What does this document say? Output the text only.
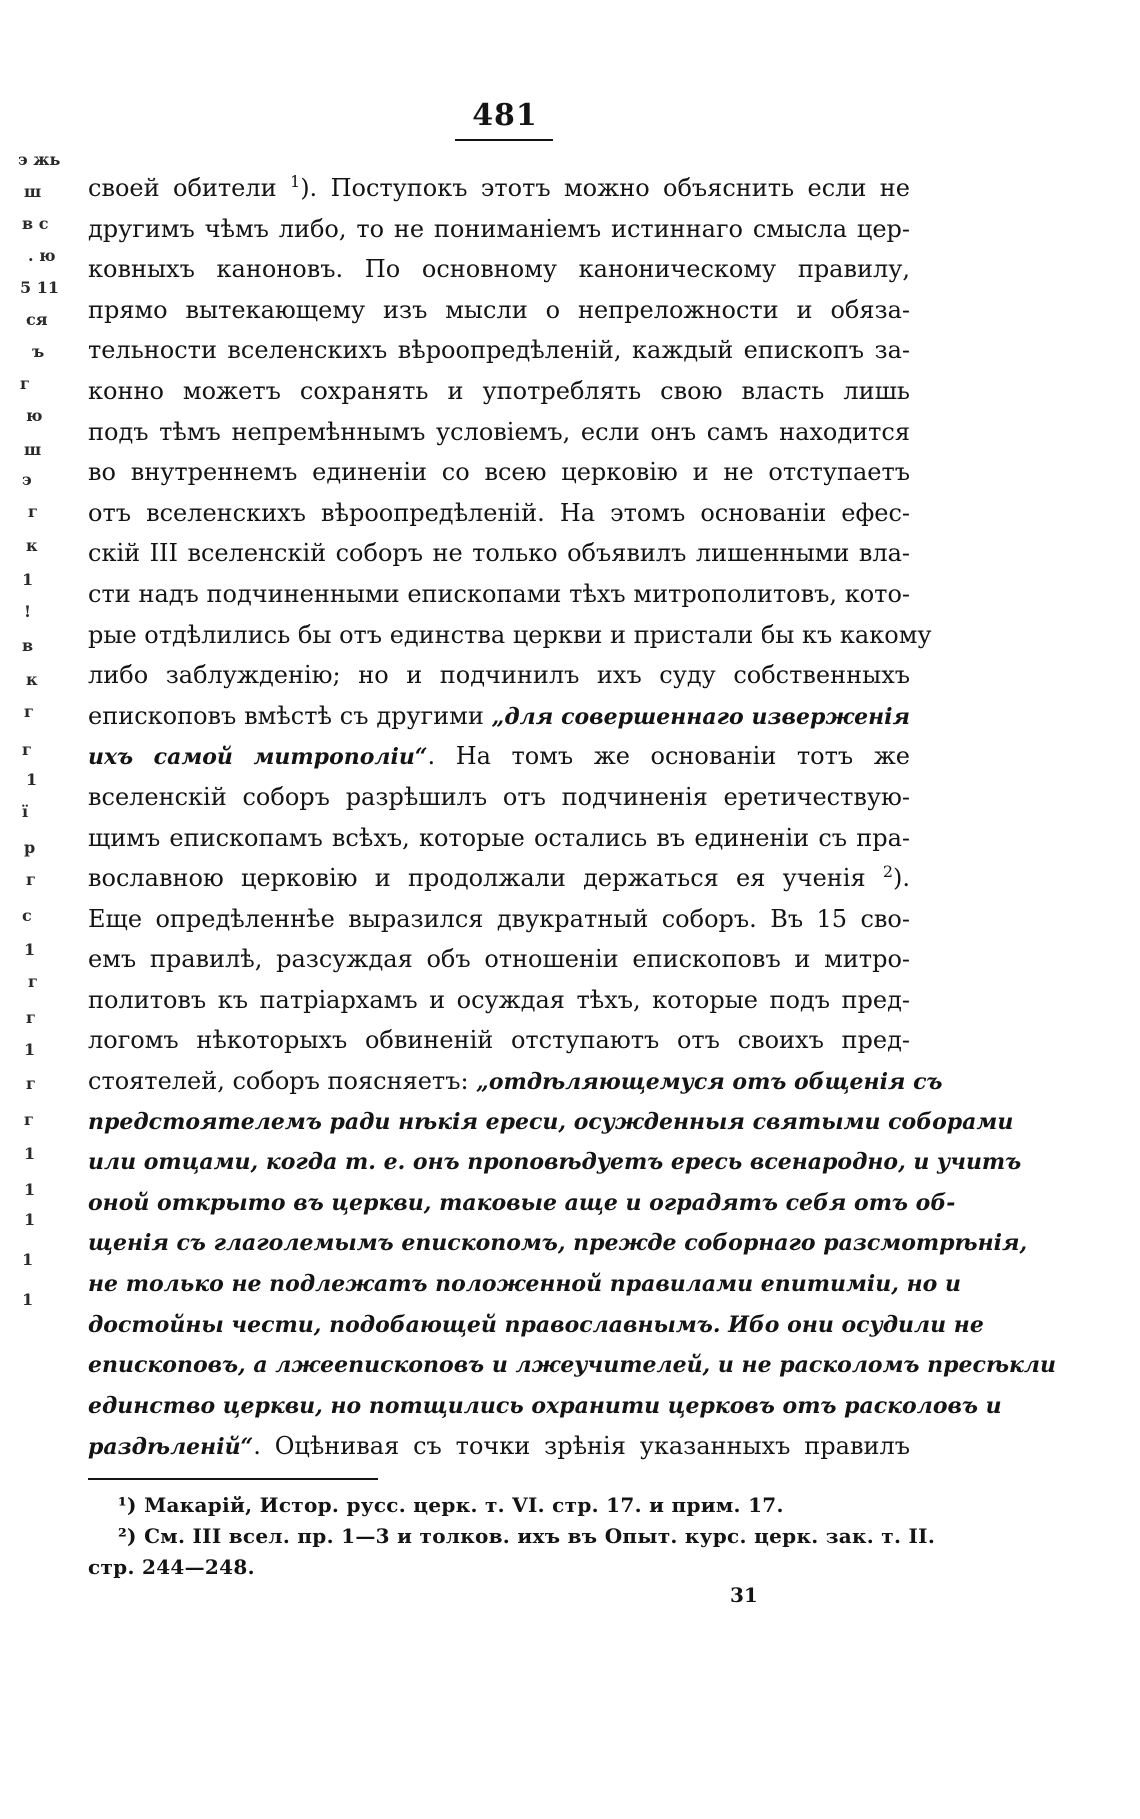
481
э жь
ш
в с
. ю
5 11
ся
ъ
г
ю
ш
э
г
к
1
!
в
к
г
г
1
ї
р
г
с
1
г
г
1
г
г
1
1
1
1
1
своей обители $^1$). Поступокъ этотъ можно объяснить если не
другимъ чѣмъ либо, то не пониманіемъ истиннаго смысла цер-
ковныхъ каноновъ. По основному каноническому правилу,
прямо вытекающему изъ мысли о непреложности и обяза-
тельности вселенскихъ вѣроопредѣленій, каждый епископъ за-
конно можетъ сохранять и употреблять свою власть лишь
подъ тѣмъ непремѣннымъ условіемъ, если онъ самъ находится
во внутреннемъ единеніи со всею церковію и не отступаетъ
отъ вселенскихъ вѣроопредѣленій. На этомъ основаніи ефес-
скій III вселенскій соборъ не только объявилъ лишенными вла-
сти надъ подчиненными епископами тѣхъ митрополитовъ, кото-
рые отдѣлились бы отъ единства церкви и пристали бы къ какому
либо заблужденію; но и подчинилъ ихъ суду собственныхъ
епископовъ вмѣстѣ съ другими „для совершеннаго изверженія
ихъ самой митрополіи“. На томъ же основаніи тотъ же
вселенскій соборъ разрѣшилъ отъ подчиненія еретичествую-
щимъ епископамъ всѣхъ, которые остались въ единеніи съ пра-
вославною церковію и продолжали держаться ея ученія $^2$).
Еще опредѣленнѣе выразился двукратный соборъ. Въ 15 сво-
емъ правилѣ, разсуждая объ отношеніи епископовъ и митро-
политовъ къ патріархамъ и осуждая тѣхъ, которые подъ пред-
логомъ нѣкоторыхъ обвиненій отступаютъ отъ своихъ пред-
стоятелей, соборъ поясняетъ: „отдѣляющемуся отъ общенія съ
предстоятелемъ ради нѣкія ереси, осужденныя святыми соборами
или отцами, когда т. е. онъ проповѣдуетъ ересь всенародно, и учитъ
оной открыто въ церкви, таковые аще и оградятъ себя отъ об-
щенія съ глаголемымъ епископомъ, прежде соборнаго разсмотрѣнія,
не только не подлежатъ положенной правилами епитиміи, но и
достойны чести, подобающей православнымъ. Ибо они осудили не
епископовъ, а лжеепископовъ и лжеучителей, и не расколомъ пресѣкли
единство церкви, но потщились охранити церковъ отъ расколовъ и
раздѣленій“. Оцѣнивая съ точки зрѣнія указанныхъ правилъ
¹) Макарій, Истор. русс. церк. т. VI. стр. 17. и прим. 17.
²) См. III всел. пр. 1—3 и толков. ихъ въ Опыт. курс. церк. зак. т. II.
стр. 244—248.
31
